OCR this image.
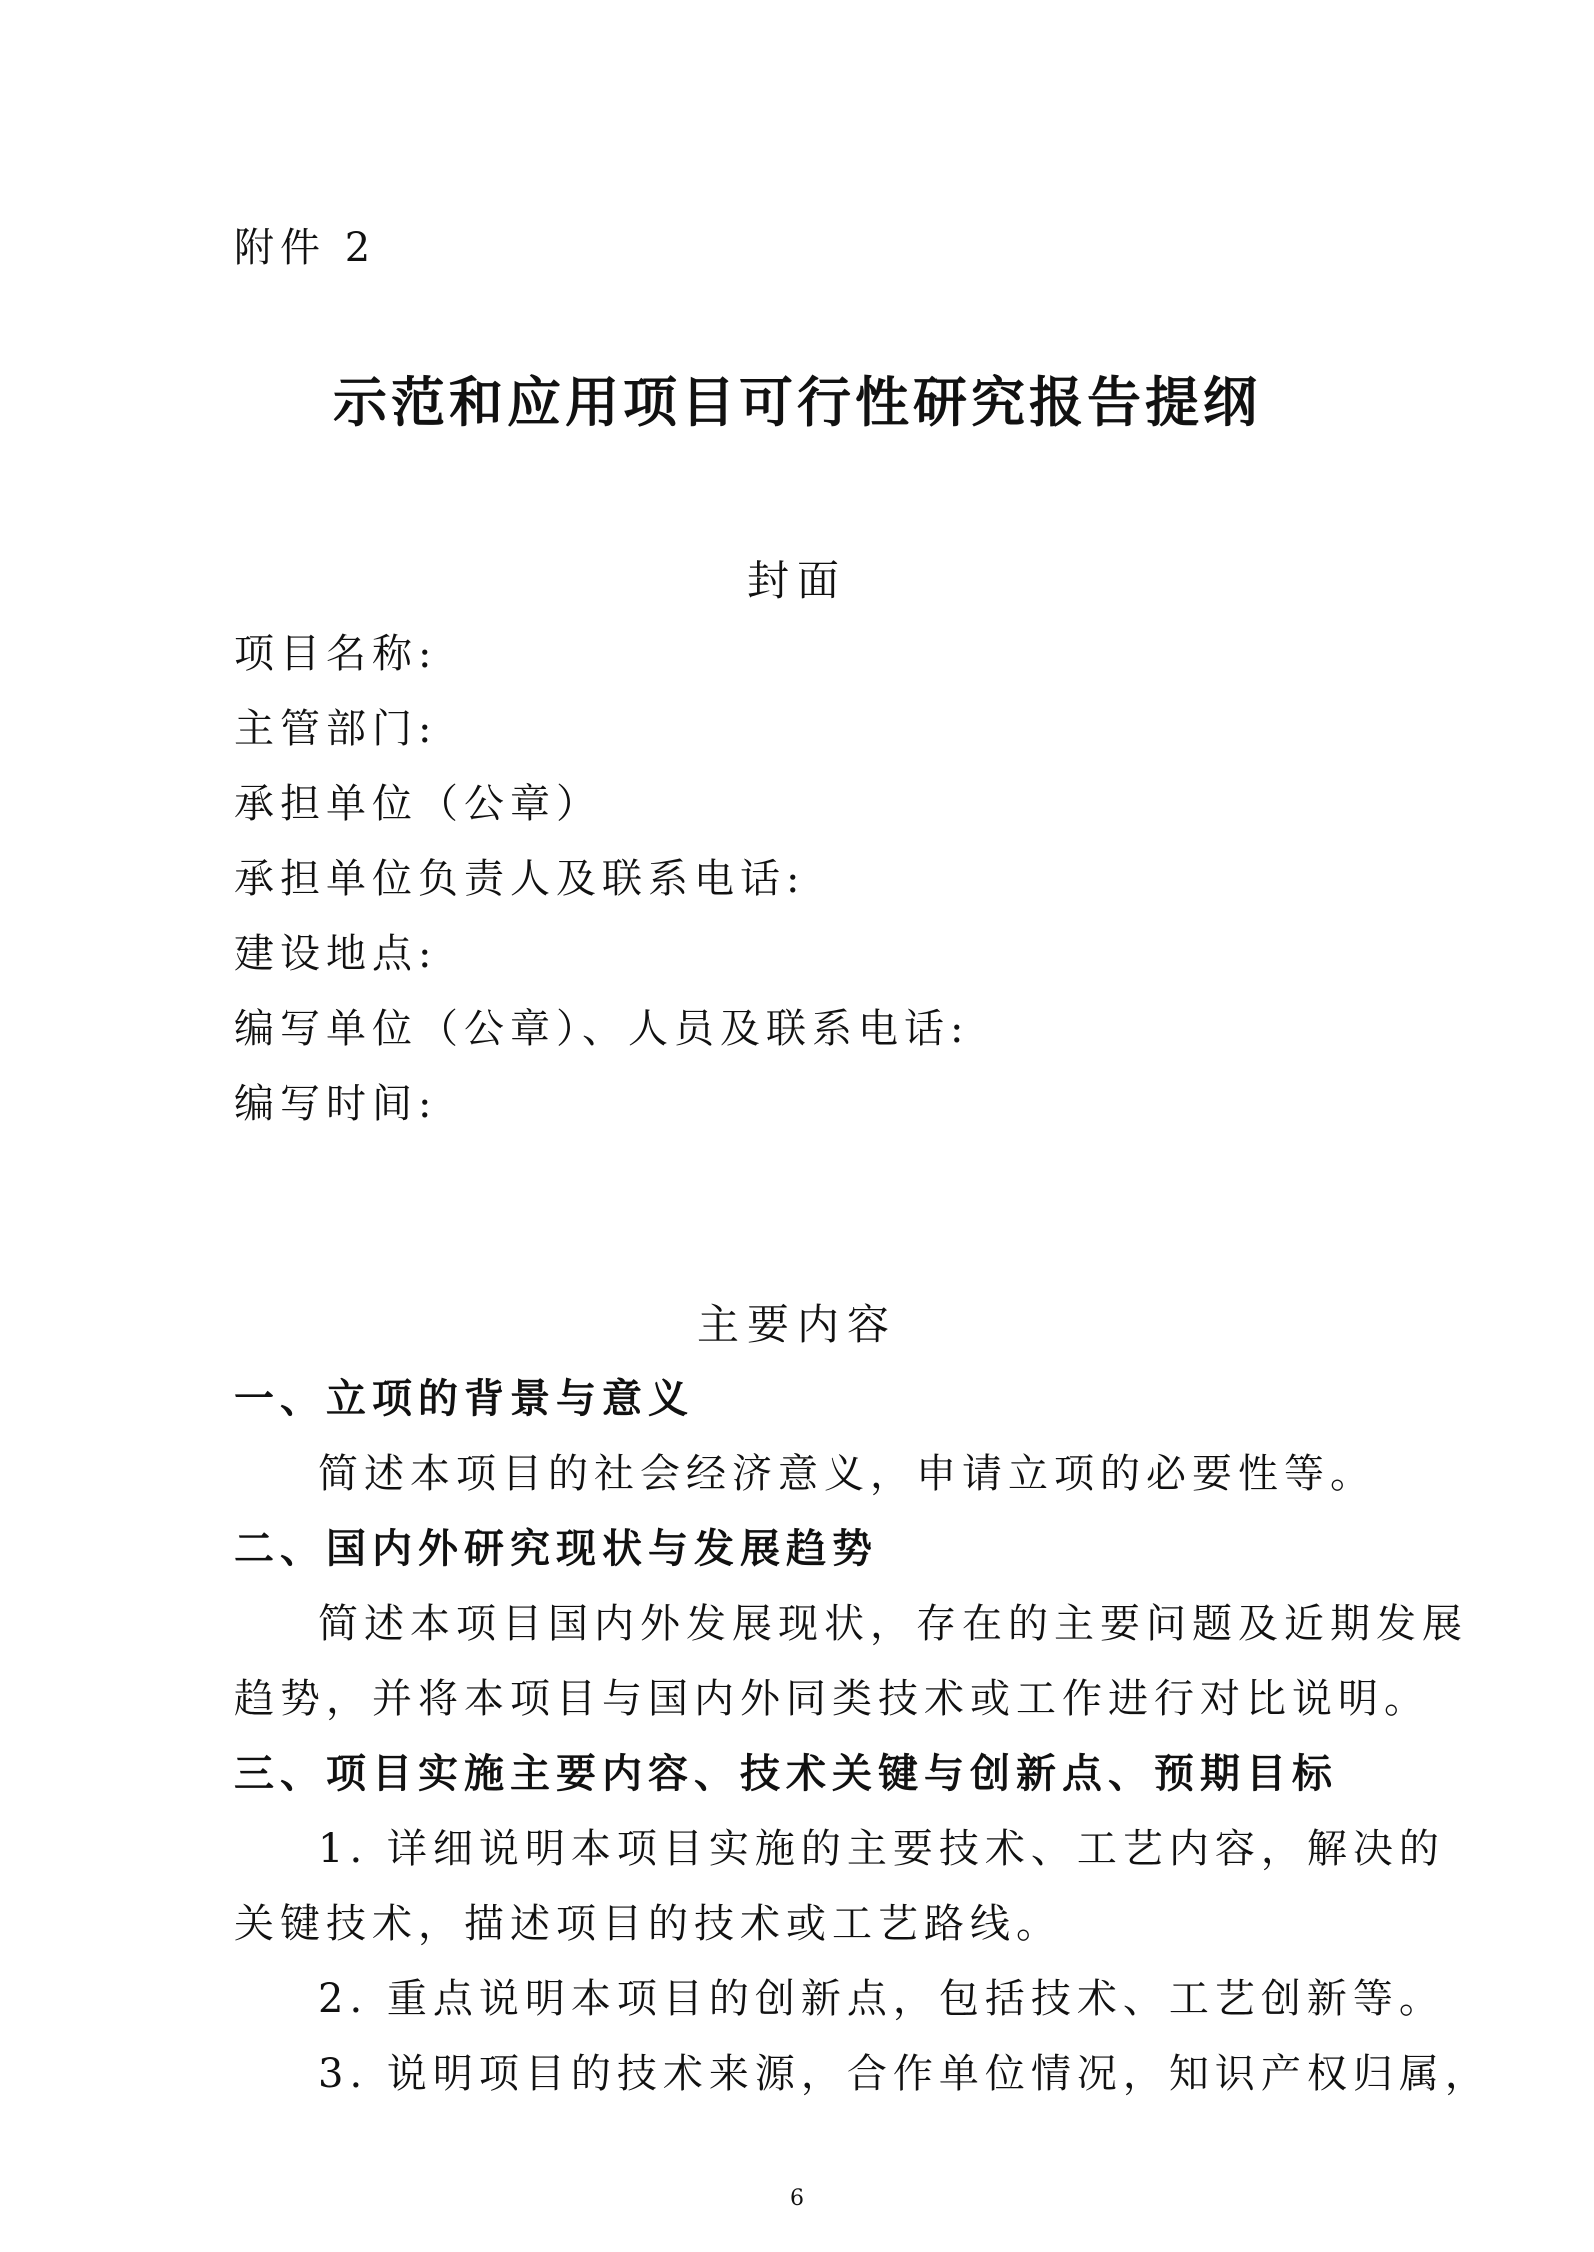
附件 2
示范和应用项目可行性研究报告提纲
封面
项目名称:
主管部门:
承担单位（公章）
承担单位负责人及联系电话:
建设地点:
编写单位（公章）、人员及联系电话:
编写时间:
主要内容
一、立项的背景与意义
简述本项目的社会经济意义，申请立项的必要性等。
二、国内外研究现状与发展趋势
简述本项目国内外发展现状，存在的主要问题及近期发展
趋势，并将本项目与国内外同类技术或工作进行对比说明。
三、项目实施主要内容、技术关键与创新点、预期目标
1. 详细说明本项目实施的主要技术、工艺内容，解决的
关键技术，描述项目的技术或工艺路线。
2. 重点说明本项目的创新点，包括技术、工艺创新等。
3. 说明项目的技术来源，合作单位情况，知识产权归属，
6
